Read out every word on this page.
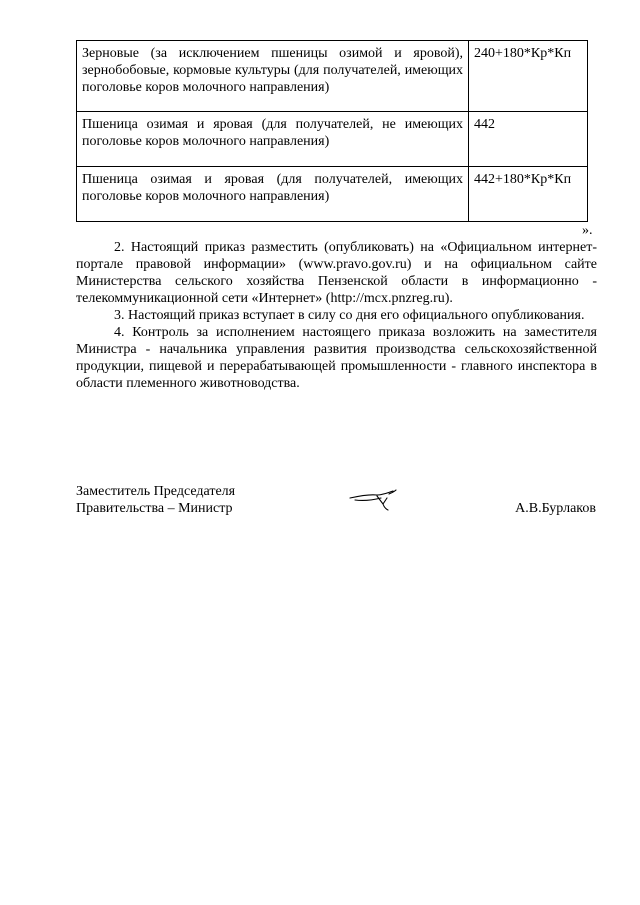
Зерновые (за исключением пшеницы озимой и яровой), зернобобовые, кормовые культуры (для получателей, имеющих поголовье коров молочного направления)	240+180*Кр*Кп
Пшеница озимая и яровая (для получателей, не имеющих поголовье коров молочного направления)	442
Пшеница озимая и яровая (для получателей, имеющих поголовье коров молочного направления)	442+180*Кр*Кп
».

2. Настоящий приказ разместить (опубликовать) на «Официальном интернет-портале правовой информации» (www.pravo.gov.ru) и на официальном сайте Министерства сельского хозяйства Пензенской области в информационно - телекоммуникационной сети «Интернет» (http://mcx.pnzreg.ru).

3. Настоящий приказ вступает в силу со дня его официального опубликования.

4. Контроль за исполнением настоящего приказа возложить на заместителя Министра - начальника управления развития производства сельскохозяйственной продукции, пищевой и перерабатывающей промышленности - главного инспектора в области племенного животноводства.

Заместитель Председателя
Правительства – Министр	А.В.Бурлаков
